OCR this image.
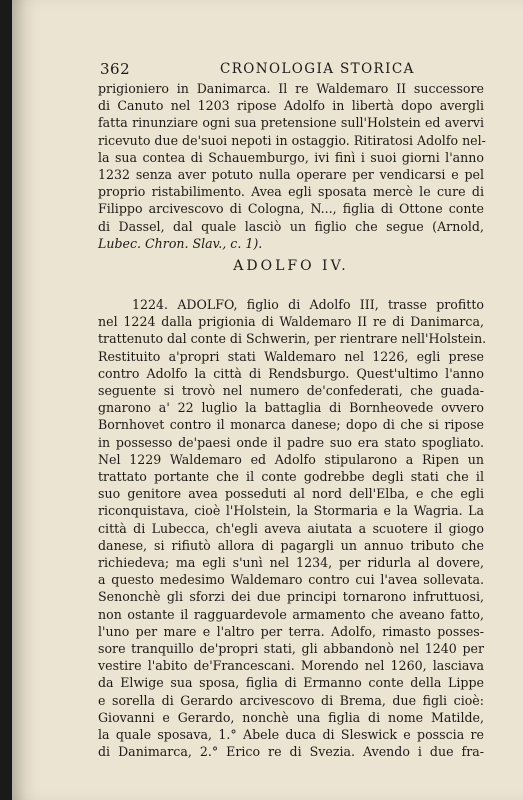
362	CRONOLOGIA STORICA
prigioniero in Danimarca. Il re Waldemaro II successore
di Canuto nel 1203 ripose Adolfo in libertà dopo avergli
fatta rinunziare ogni sua pretensione sull'Holstein ed avervi
ricevuto due de'suoi nepoti in ostaggio. Ritiratosi Adolfo nel-
la sua contea di Schauemburgo, ivi finì i suoi giorni l'anno
1232 senza aver potuto nulla operare per vendicarsi e pel
proprio ristabilimento. Avea egli sposata mercè le cure di
Filippo arcivescovo di Cologna, N..., figlia di Ottone conte
di Dassel, dal quale lasciò un figlio che segue (Arnold,
Lubec. Chron. Slav., c. 1).
ADOLFO IV.
1224. ADOLFO, figlio di Adolfo III, trasse profitto
nel 1224 dalla prigionia di Waldemaro II re di Danimarca,
trattenuto dal conte di Schwerin, per rientrare nell'Holstein.
Restituito a'propri stati Waldemaro nel 1226, egli prese
contro Adolfo la città di Rendsburgo. Quest'ultimo l'anno
seguente si trovò nel numero de'confederati, che guada-
gnarono a' 22 luglio la battaglia di Bornheovede ovvero
Bornhovet contro il monarca danese; dopo di che si ripose
in possesso de'paesi onde il padre suo era stato spogliato.
Nel 1229 Waldemaro ed Adolfo stipularono a Ripen un
trattato portante che il conte godrebbe degli stati che il
suo genitore avea posseduti al nord dell'Elba, e che egli
riconquistava, cioè l'Holstein, la Stormaria e la Wagria. La
città di Lubecca, ch'egli aveva aiutata a scuotere il giogo
danese, si rifiutò allora di pagargli un annuo tributo che
richiedeva; ma egli s'unì nel 1234, per ridurla al dovere,
a questo medesimo Waldemaro contro cui l'avea sollevata.
Senonchè gli sforzi dei due principi tornarono infruttuosi,
non ostante il ragguardevole armamento che aveano fatto,
l'uno per mare e l'altro per terra. Adolfo, rimasto posses-
sore tranquillo de'propri stati, gli abbandonò nel 1240 per
vestire l'abito de'Francescani. Morendo nel 1260, lasciava
da Elwige sua sposa, figlia di Ermanno conte della Lippe
e sorella di Gerardo arcivescovo di Brema, due figli cioè:
Giovanni e Gerardo, nonchè una figlia di nome Matilde,
la quale sposava, 1.° Abele duca di Sleswick e posscia re
di Danimarca, 2.° Erico re di Svezia. Avendo i due fra-
